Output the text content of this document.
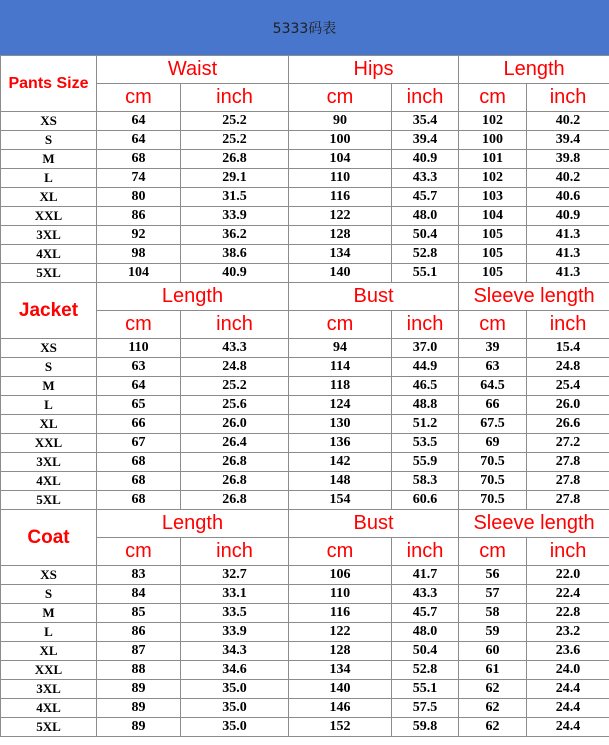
5333码表
Pants Size	Waist		Hips		Length	
	cm	inch	cm	inch	cm	inch
XS	64	25.2	90	35.4	102	40.2
S	64	25.2	100	39.4	100	39.4
M	68	26.8	104	40.9	101	39.8
L	74	29.1	110	43.3	102	40.2
XL	80	31.5	116	45.7	103	40.6
XXL	86	33.9	122	48.0	104	40.9
3XL	92	36.2	128	50.4	105	41.3
4XL	98	38.6	134	52.8	105	41.3
5XL	104	40.9	140	55.1	105	41.3
Jacket	Length		Bust		Sleeve length	
	cm	inch	cm	inch	cm	inch
XS	110	43.3	94	37.0	39	15.4
S	63	24.8	114	44.9	63	24.8
M	64	25.2	118	46.5	64.5	25.4
L	65	25.6	124	48.8	66	26.0
XL	66	26.0	130	51.2	67.5	26.6
XXL	67	26.4	136	53.5	69	27.2
3XL	68	26.8	142	55.9	70.5	27.8
4XL	68	26.8	148	58.3	70.5	27.8
5XL	68	26.8	154	60.6	70.5	27.8
Coat	Length		Bust		Sleeve length	
	cm	inch	cm	inch	cm	inch
XS	83	32.7	106	41.7	56	22.0
S	84	33.1	110	43.3	57	22.4
M	85	33.5	116	45.7	58	22.8
L	86	33.9	122	48.0	59	23.2
XL	87	34.3	128	50.4	60	23.6
XXL	88	34.6	134	52.8	61	24.0
3XL	89	35.0	140	55.1	62	24.4
4XL	89	35.0	146	57.5	62	24.4
5XL	89	35.0	152	59.8	62	24.4
